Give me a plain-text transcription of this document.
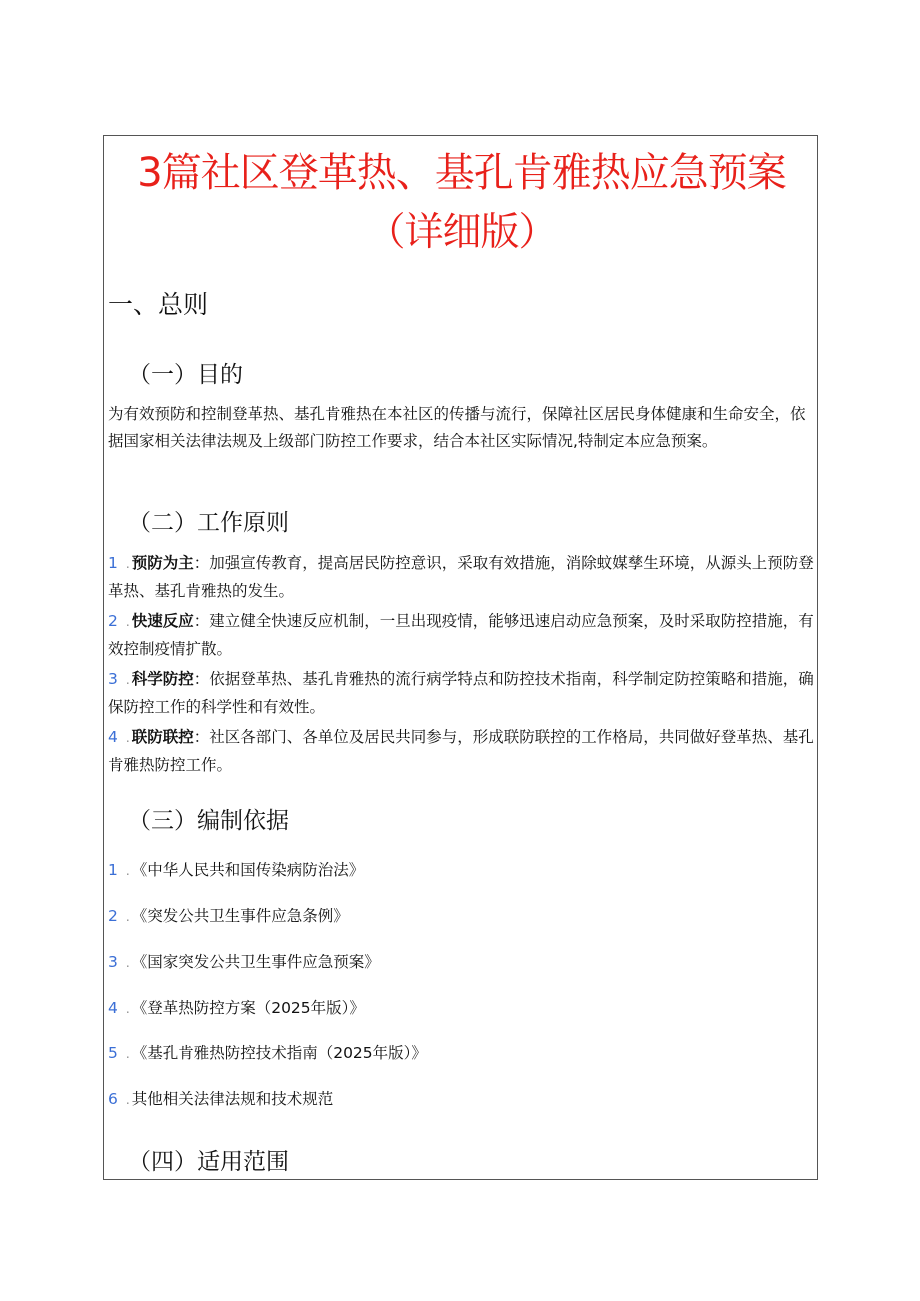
3篇社区登革热、基孔肯雅热应急预案
（详细版）
一、总则
（一）目的

为有效预防和控制登革热、基孔肯雅热在本社区的传播与流行，保障社区居民身体健康和生命安全，依据国家相关法律法规及上级部门防控工作要求，结合本社区实际情况,特制定本应急预案。

（二）工作原则

1 . 预防为主：加强宣传教育，提高居民防控意识，采取有效措施，消除蚊媒孳生环境，从源头上预防登革热、基孔肯雅热的发生。

2 . 快速反应：建立健全快速反应机制，一旦出现疫情，能够迅速启动应急预案，及时采取防控措施，有效控制疫情扩散。

3 . 科学防控：依据登革热、基孔肯雅热的流行病学特点和防控技术指南，科学制定防控策略和措施，确保防控工作的科学性和有效性。

4 . 联防联控：社区各部门、各单位及居民共同参与，形成联防联控的工作格局，共同做好登革热、基孔肯雅热防控工作。

（三）编制依据
1 . 《中华人民共和国传染病防治法》
2 . 《突发公共卫生事件应急条例》
3 . 《国家突发公共卫生事件应急预案》
4 . 《登革热防控方案（2025年版）》
5 . 《基孔肯雅热防控技术指南（2025年版）》
6 . 其他相关法律法规和技术规范
（四）适用范围
